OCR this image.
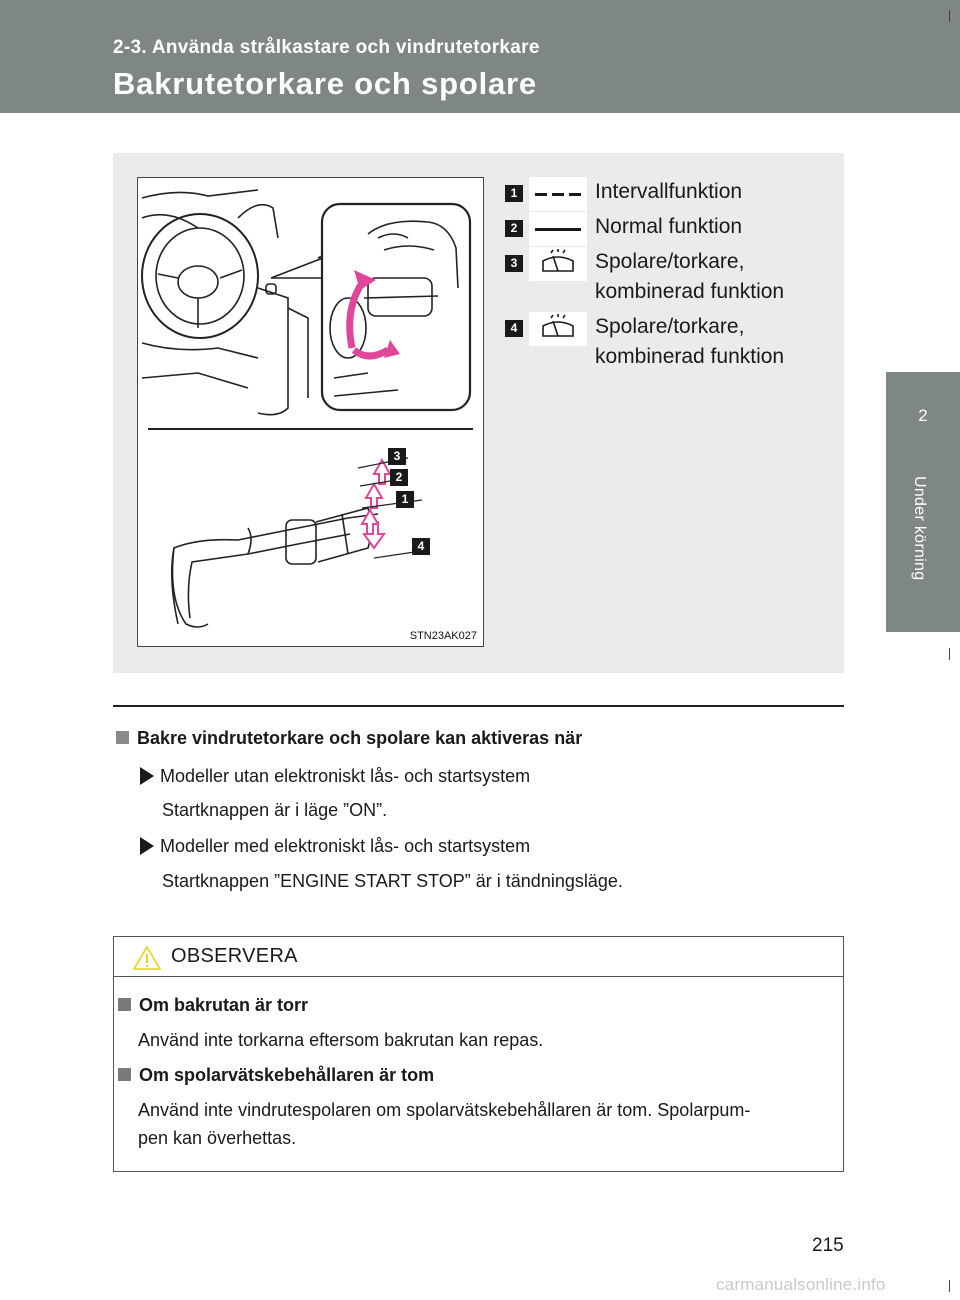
2-3. Använda strålkastare och vindrutetorkare
Bakrutetorkare och spolare
2
Under körning
3
2
1
4
STN23AK027
1	Intervallfunktion
2	Normal funktion
3	Spolare/torkare,
kombinerad funktion
4	Spolare/torkare,
kombinerad funktion
Bakre vindrutetorkare och spolare kan aktiveras när
Modeller utan elektroniskt lås- och startsystem
Startknappen är i läge ”ON”.
Modeller med elektroniskt lås- och startsystem
Startknappen ”ENGINE START STOP” är i tändningsläge.
OBSERVERA
Om bakrutan är torr
Använd inte torkarna eftersom bakrutan kan repas.
Om spolarvätskebehållaren är tom
Använd inte vindrutespolaren om spolarvätskebehållaren är tom. Spolarpum-
pen kan överhettas.
215
carmanualsonline.info
